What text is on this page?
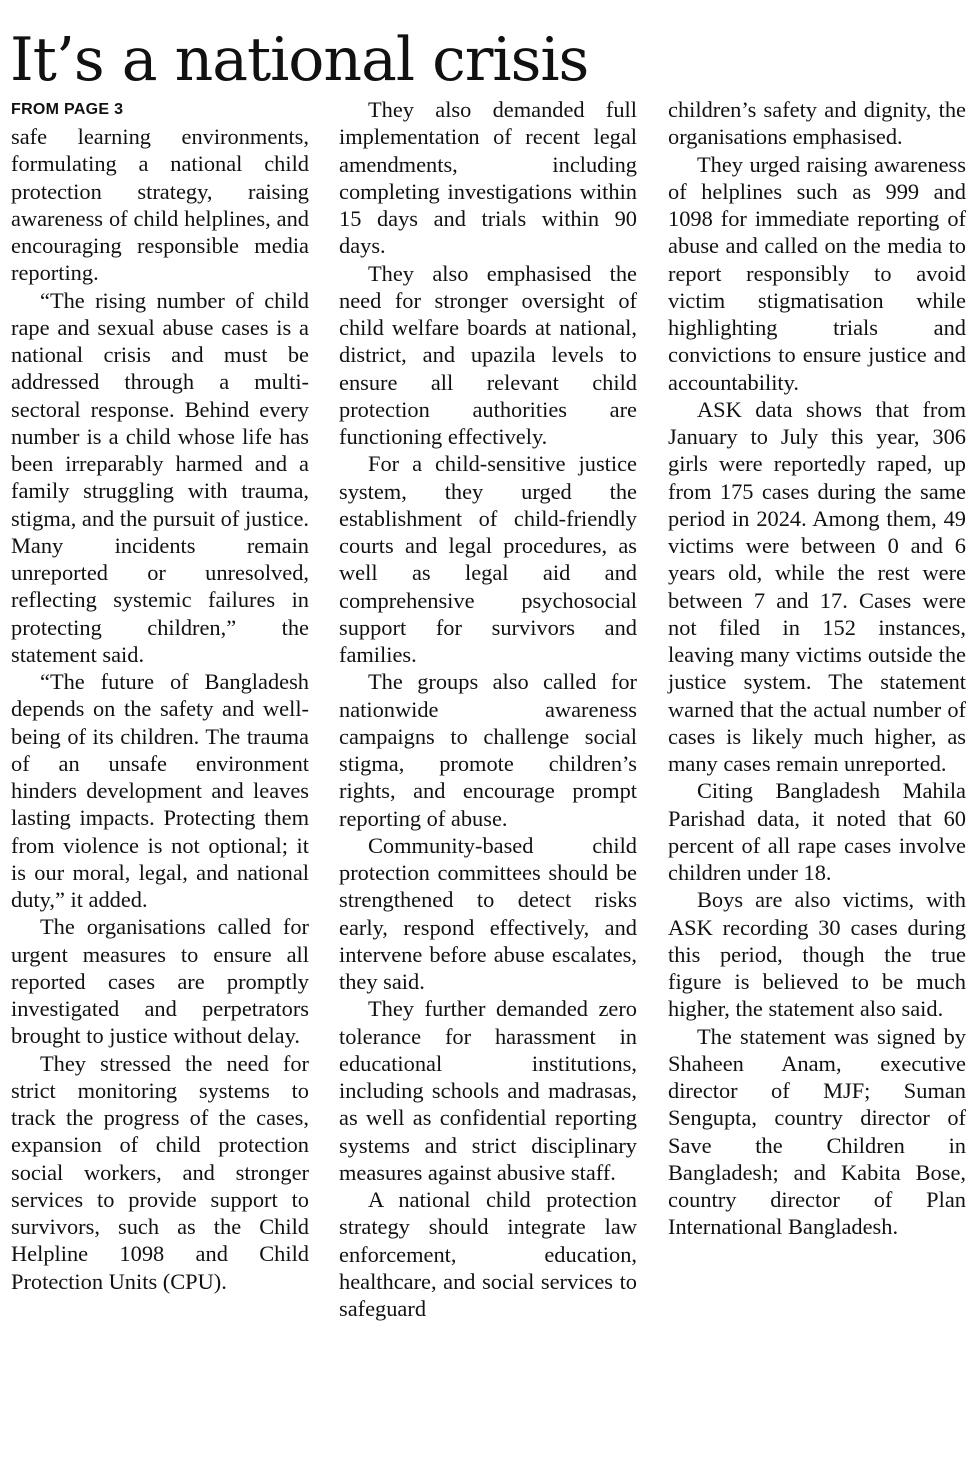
It’s a national crisis
FROM PAGE 3

safe learning environments, formulating a national child protection strategy, raising awareness of child helplines, and encouraging responsible media reporting.

“The rising number of child rape and sexual abuse cases is a national crisis and must be addressed through a multi-sectoral response. Behind every number is a child whose life has been irreparably harmed and a family struggling with trauma, stigma, and the pursuit of justice. Many incidents remain unreported or unresolved, reflecting systemic failures in protecting children,” the statement said.

“The future of Bangladesh depends on the safety and well-being of its children. The trauma of an unsafe environment hinders development and leaves lasting impacts. Protecting them from violence is not optional; it is our moral, legal, and national duty,” it added.

The organisations called for urgent measures to ensure all reported cases are promptly investigated and perpetrators brought to justice without delay.

They stressed the need for strict monitoring systems to track the progress of the cases, expansion of child protection social workers, and stronger services to provide support to survivors, such as the Child Helpline 1098 and Child Protection Units (CPU).

They also demanded full implementation of recent legal amendments, including completing investigations within 15 days and trials within 90 days.

They also emphasised the need for stronger oversight of child welfare boards at national, district, and upazila levels to ensure all relevant child protection authorities are functioning effectively.

For a child-sensitive justice system, they urged the establishment of child-friendly courts and legal procedures, as well as legal aid and comprehensive psychosocial support for survivors and families.

The groups also called for nationwide awareness campaigns to challenge social stigma, promote children’s rights, and encourage prompt reporting of abuse.

Community-based child protection committees should be strengthened to detect risks early, respond effectively, and intervene before abuse escalates, they said.

They further demanded zero tolerance for harassment in educational institutions, including schools and madrasas, as well as confidential reporting systems and strict disciplinary measures against abusive staff.

A national child protection strategy should integrate law enforcement, education, healthcare, and social services to safeguard

children’s safety and dignity, the organisations emphasised.

They urged raising awareness of helplines such as 999 and 1098 for immediate reporting of abuse and called on the media to report responsibly to avoid victim stigmatisation while highlighting trials and convictions to ensure justice and accountability.

ASK data shows that from January to July this year, 306 girls were reportedly raped, up from 175 cases during the same period in 2024. Among them, 49 victims were between 0 and 6 years old, while the rest were between 7 and 17. Cases were not filed in 152 instances, leaving many victims outside the justice system. The statement warned that the actual number of cases is likely much higher, as many cases remain unreported.

Citing Bangladesh Mahila Parishad data, it noted that 60 percent of all rape cases involve children under 18.

Boys are also victims, with ASK recording 30 cases during this period, though the true figure is believed to be much higher, the statement also said.

The statement was signed by Shaheen Anam, executive director of MJF; Suman Sengupta, country director of Save the Children in Bangladesh; and Kabita Bose, country director of Plan International Bangladesh.
